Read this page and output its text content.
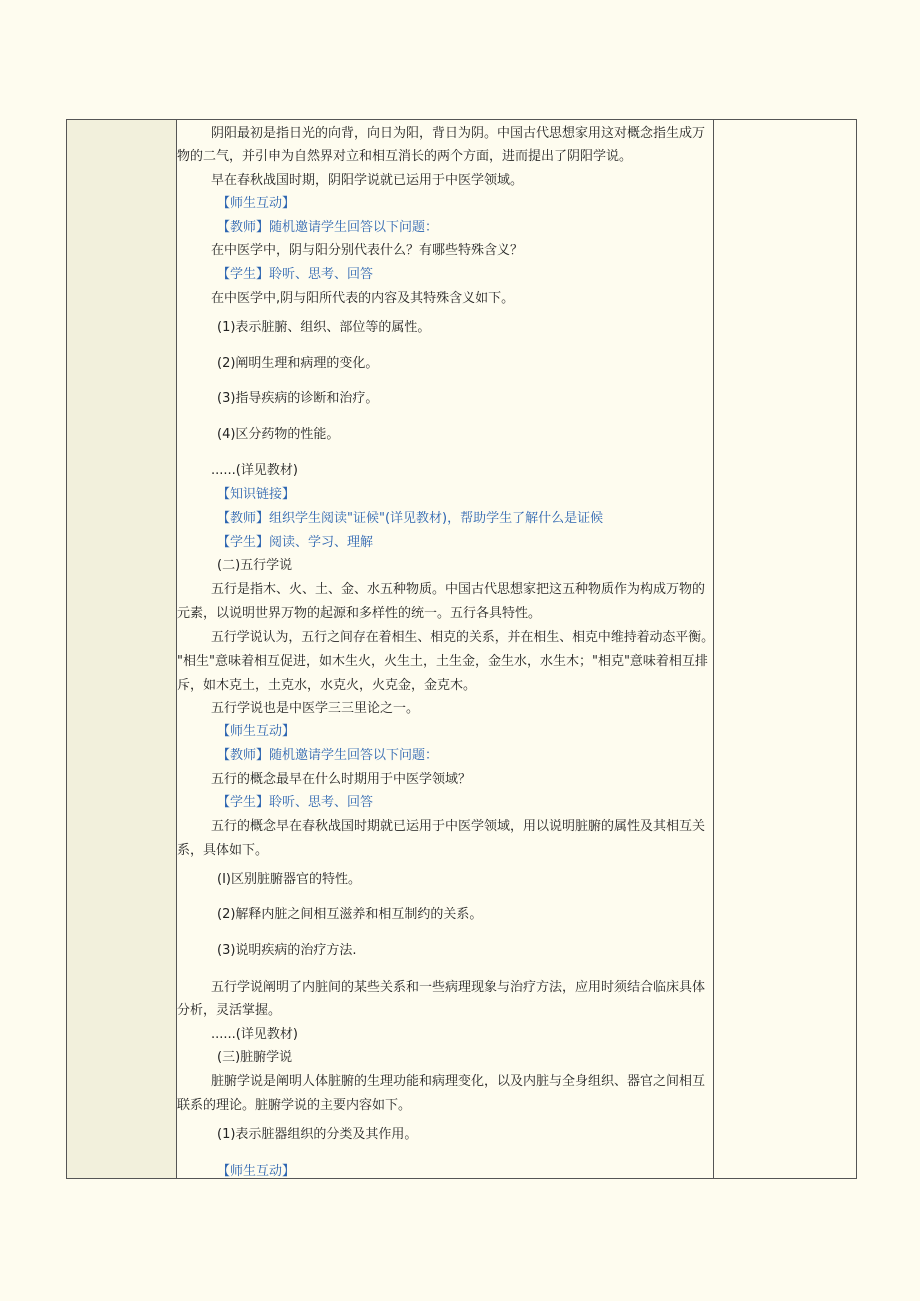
阴阳最初是指日光的向背，向日为阳，背日为阴。中国古代思想家用这对概念指生成万
物的二气，并引申为自然界对立和相互消长的两个方面，进而提出了阴阳学说。
早在春秋战国时期，阴阳学说就已运用于中医学领域。
【师生互动】
【教师】随机邀请学生回答以下问题：
在中医学中，阴与阳分别代表什么？有哪些特殊含义？
【学生】聆听、思考、回答
在中医学中,阴与阳所代表的内容及其特殊含义如下。
(1)表示脏腑、组织、部位等的属性。
(2)阐明生理和病理的变化。
(3)指导疾病的诊断和治疗。
(4)区分药物的性能。
......(详见教材)
【知识链接】
【教师】组织学生阅读"证候"(详见教材)，帮助学生了解什么是证候
【学生】阅读、学习、理解
(二)五行学说
五行是指木、火、土、金、水五种物质。中国古代思想家把这五种物质作为构成万物的
元素，以说明世界万物的起源和多样性的统一。五行各具特性。
五行学说认为，五行之间存在着相生、相克的关系，并在相生、相克中维持着动态平衡。
"相生"意味着相互促进，如木生火，火生土，土生金，金生水，水生木；"相克"意味着相互排
斥，如木克土，土克水，水克火，火克金，金克木。
五行学说也是中医学三三里论之一。
【师生互动】
【教师】随机邀请学生回答以下问题：
五行的概念最早在什么时期用于中医学领域？
【学生】聆听、思考、回答
五行的概念早在春秋战国时期就已运用于中医学领域，用以说明脏腑的属性及其相互关
系，具体如下。
(I)区别脏腑器官的特性。
(2)解释内脏之间相互滋养和相互制约的关系。
(3)说明疾病的治疗方法.
五行学说阐明了内脏间的某些关系和一些病理现象与治疗方法，应用时须结合临床具体
分析，灵活掌握。
......(详见教材)
(三)脏腑学说
脏腑学说是阐明人体脏腑的生理功能和病理变化，以及内脏与全身组织、器官之间相互
联系的理论。脏腑学说的主要内容如下。
(1)表示脏器组织的分类及其作用。
【师生互动】
